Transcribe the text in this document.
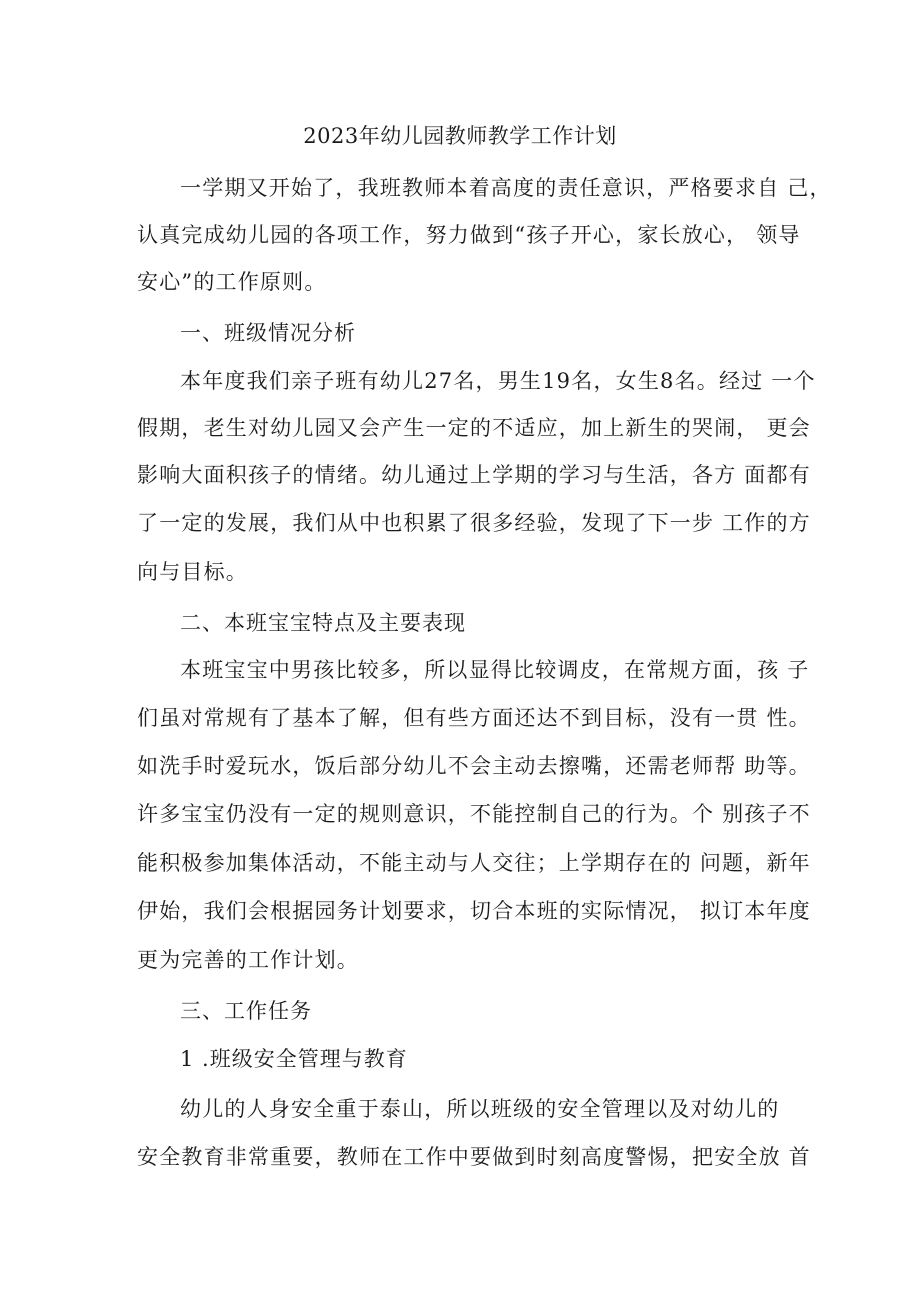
2023年幼儿园教师教学工作计划
一学期又开始了，我班教师本着高度的责任意识，严格要求自 己，
认真完成幼儿园的各项工作，努力做到“孩子开心，家长放心， 领导
安心”的工作原则。
一、班级情况分析
本年度我们亲子班有幼儿27名，男生19名，女生8名。经过 一个
假期，老生对幼儿园又会产生一定的不适应，加上新生的哭闹， 更会
影响大面积孩子的情绪。幼儿通过上学期的学习与生活，各方 面都有
了一定的发展，我们从中也积累了很多经验，发现了下一步 工作的方
向与目标。
二、本班宝宝特点及主要表现
本班宝宝中男孩比较多，所以显得比较调皮，在常规方面，孩 子
们虽对常规有了基本了解，但有些方面还达不到目标，没有一贯 性。
如洗手时爱玩水，饭后部分幼儿不会主动去擦嘴，还需老师帮 助等。
许多宝宝仍没有一定的规则意识，不能控制自己的行为。个 别孩子不
能积极参加集体活动，不能主动与人交往；上学期存在的 问题，新年
伊始，我们会根据园务计划要求，切合本班的实际情况， 拟订本年度
更为完善的工作计划。
三、工作任务
1 .班级安全管理与教育
幼儿的人身安全重于泰山，所以班级的安全管理以及对幼儿的
安全教育非常重要，教师在工作中要做到时刻高度警惕，把安全放 首
